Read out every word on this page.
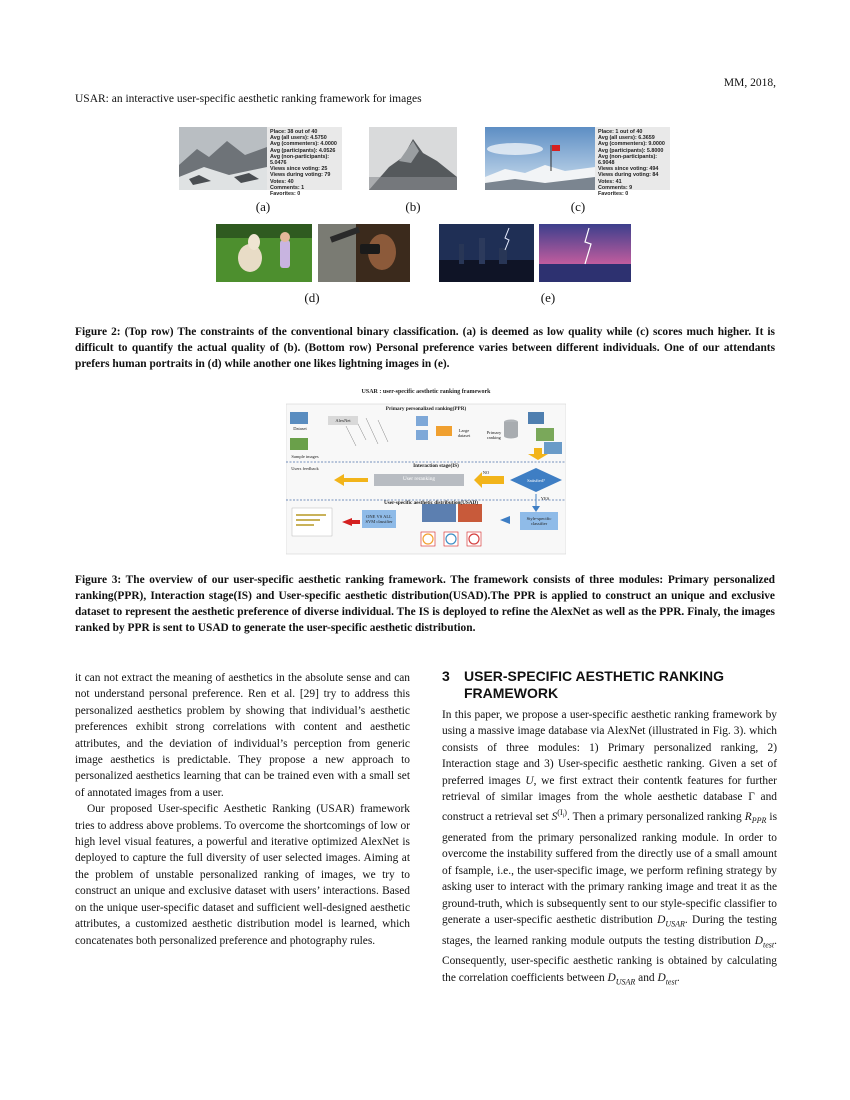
MM, 2018,
USAR: an interactive user-specific aesthetic ranking framework for images
Place: 38 out of 40
Avg (all users): 4.5750
Avg (commenters): 4.0000
Avg (participants): 4.0526
Avg (non-participants): 5.0476
Views since voting: 25
Views during voting: 79
Votes: 40
Comments: 1
Favorites: 0
Place: 1 out of 40
Avg (all users): 6.3659
Avg (commenters): 9.0000
Avg (participants): 5.8000
Avg (non-participants): 6.9048
Views since voting: 494
Views during voting: 84
Votes: 41
Comments: 9
Favorites: 0
(a)	(b)	(c)
(d)	(e)
Figure 2: (Top row) The constraints of the conventional binary classification. (a) is deemed as low quality while (c) scores much higher. It is difficult to quantify the actual quality of (b). (Bottom row) Personal preference varies between different individuals. One of our attendants prefers human portraits in (d) while another one likes lightning images in (e).
USAR : user-specific aesthetic ranking framework
Primary personalized ranking(PPR)
AlexNet
Dataset
Sample images
Large dataset
Primary ranking
Users feedback	Interaction stage(IS)
User reranking
NO
Satisfied?
YES
User-specific aesthetic distribution(USAD)
ONE VS ALL SVM classifier
Style-specific classifier
Figure 3: The overview of our user-specific aesthetic ranking framework. The framework consists of three modules: Primary personalized ranking(PPR), Interaction stage(IS) and User-specific aesthetic distribution(USAD).The PPR is applied to construct an unique and exclusive dataset to represent the aesthetic preference of diverse individual. The IS is deployed to refine the AlexNet as well as the PPR. Finaly, the images ranked by PPR is sent to USAD to generate the user-specific aesthetic distribution.

it can not extract the meaning of aesthetics in the absolute sense and can not understand personal preference. Ren et al. [29] try to address this personalized aesthetics problem by showing that individual’s aesthetic preferences exhibit strong correlations with content and aesthetic attributes, and the deviation of individual’s perception from generic image aesthetics is predictable. They propose a new approach to personalized aesthetics learning that can be trained even with a small set of annotated images from a user.

Our proposed User-specific Aesthetic Ranking (USAR) framework tries to address above problems. To overcome the shortcomings of low or high level visual features, a powerful and iterative optimized AlexNet is deployed to capture the full diversity of user selected images. Aiming at the problem of unstable personalized ranking of images, we try to construct an unique and exclusive dataset with users’ interactions. Based on the unique user-specific dataset and sufficient well-designed aesthetic attributes, a customized aesthetic distribution model is learned, which concatenates both personalized preference and photography rules.

3 USER-SPECIFIC AESTHETIC RANKING
FRAMEWORK

In this paper, we propose a user-specific aesthetic ranking framework by using a massive image database via AlexNet (illustrated in Fig. 3). which consists of three modules: 1) Primary personalized ranking, 2) Interaction stage and 3) User-specific aesthetic ranking. Given a set of preferred images U, we first extract their contentk features for further retrieval of similar images from the whole aesthetic database Γ and construct a retrieval set $S^{(I_i)}$. Then a primary personalized ranking $R_{PPR}$ is generated from the primary personalized ranking module. In order to overcome the instability suffered from the directly use of a small amount of fsample, i.e., the user-specific image, we perform refining strategy by asking user to interact with the primary ranking image and treat it as the ground-truth, which is subsequently sent to our style-specific classifier to generate a user-specific aesthetic distribution $D_{USAR}$. During the testing stages, the learned ranking module outputs the testing distribution $D_{test}$. Consequently, user-specific aesthetic ranking is obtained by calculating the correlation coefficients between $D_{USAR}$ and $D_{test}$.
